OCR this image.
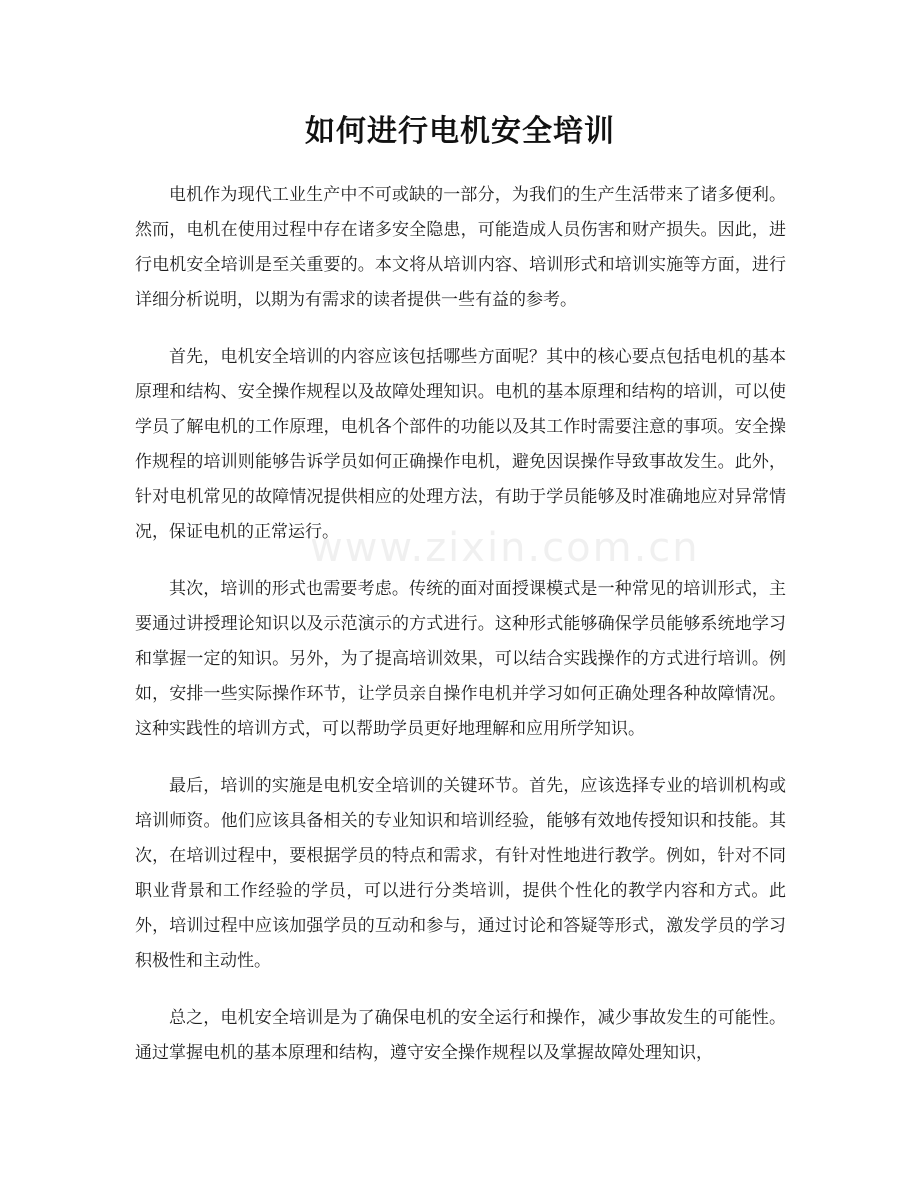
如何进行电机安全培训

电机作为现代工业生产中不可或缺的一部分，为我们的生产生活带来了诸多便利。然而，电机在使用过程中存在诸多安全隐患，可能造成人员伤害和财产损失。因此，进行电机安全培训是至关重要的。本文将从培训内容、培训形式和培训实施等方面，进行详细分析说明，以期为有需求的读者提供一些有益的参考。

首先，电机安全培训的内容应该包括哪些方面呢？其中的核心要点包括电机的基本原理和结构、安全操作规程以及故障处理知识。电机的基本原理和结构的培训，可以使学员了解电机的工作原理，电机各个部件的功能以及其工作时需要注意的事项。安全操作规程的培训则能够告诉学员如何正确操作电机，避免因误操作导致事故发生。此外，针对电机常见的故障情况提供相应的处理方法，有助于学员能够及时准确地应对异常情况，保证电机的正常运行。

其次，培训的形式也需要考虑。传统的面对面授课模式是一种常见的培训形式，主要通过讲授理论知识以及示范演示的方式进行。这种形式能够确保学员能够系统地学习和掌握一定的知识。另外，为了提高培训效果，可以结合实践操作的方式进行培训。例如，安排一些实际操作环节，让学员亲自操作电机并学习如何正确处理各种故障情况。这种实践性的培训方式，可以帮助学员更好地理解和应用所学知识。

最后，培训的实施是电机安全培训的关键环节。首先，应该选择专业的培训机构或培训师资。他们应该具备相关的专业知识和培训经验，能够有效地传授知识和技能。其次，在培训过程中，要根据学员的特点和需求，有针对性地进行教学。例如，针对不同职业背景和工作经验的学员，可以进行分类培训，提供个性化的教学内容和方式。此外，培训过程中应该加强学员的互动和参与，通过讨论和答疑等形式，激发学员的学习积极性和主动性。

总之，电机安全培训是为了确保电机的安全运行和操作，减少事故发生的可能性。通过掌握电机的基本原理和结构，遵守安全操作规程以及掌握故障处理知识，

www.zixin.com.cn
